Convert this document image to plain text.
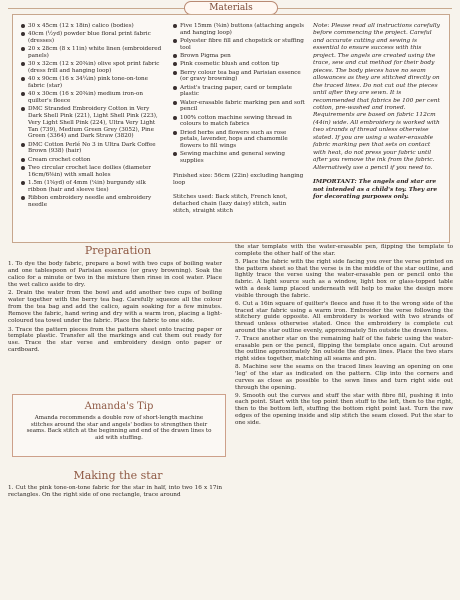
Materials
30 x 45cm (12 x 18in) calico (bodies)
40cm (½yd) powder blue floral print fabric (dresses)
20 x 28cm (8 x 11in) white linen (embroidered panels)
30 x 32cm (12 x 20⅜in) olive spot print fabric (dress frill and hanging loop)
40 x 90cm (16 x 34¼in) pink tone-on-tone fabric (star)
40 x 30cm (16 x 20⅜in) medium iron-on quilter's fleece
DMC Stranded Embroidery Cotton in Very Dark Shell Pink (221), Light Shell Pink (223), Very Light Shell Pink (224), Ultra Very Light Tan (739), Medium Green Grey (3052), Pine Green (3364) and Dark Straw (3820)
DMC Cotton Perlé No 3 in Ultra Dark Coffee Brown (938) (hair)
Cream crochet cotton
Two circular crochet lace doilies (diameter 16cm/6⅜in) with small holes
1.5m (1⅝yd) of 4mm (⅙in) burgundy silk ribbon (hair and sleeve ties)
Ribbon embroidery needle and embroidery needle
Five 15mm (⅝in) buttons (attaching angels and hanging loop)
Polyester fibre fill and chopstick or stuffing tool
Brown Pigma pen
Pink cosmetic blush and cotton tip
Berry colour tea bag and Parisian essence (or gravy browning)
Artist's tracing paper, card or template plastic
Water-erasable fabric marking pen and soft pencil
100% cotton machine sewing thread in colours to match fabrics
Dried herbs and flowers such as rose petals, lavender, hops and chamomile flowers to fill wings
Sewing machine and general sewing supplies
Finished size: 56cm (22in) excluding hanging loop
Stitches used: Back stitch, French knot, detached chain (lazy daisy) stitch, satin stitch, straight stitch
Note: Please read all instructions carefully before commencing the project. Careful and accurate cutting and sewing is essential to ensure success with this project. The angels are created using the trace, sew and cut method for their body pieces. The body pieces have no seam allowances as they are stitched directly on the traced lines. Do not cut out the pieces until after they are sewn. It is recommended that fabrics be 100 per cent cotton, pre-washed and ironed. Requirements are based on fabric 112cm (44in) wide. All embroidery is worked with two strands of thread unless otherwise stated. If you are using a water-erasable fabric marking pen that sets on contact with heat, do not press your fabric until after you remove the ink from the fabric. Alternatively use a pencil if you need to.
IMPORTANT: The angels and star are not intended as a child's toy. They are for decorating purposes only.
Preparation

1. To dye the body fabric, prepare a bowl with two cups of boiling water and one tablespoon of Parisian essence (or gravy browning). Soak the calico for a minute or two in the mixture then rinse in cool water. Place the wet calico aside to dry.

2. Drain the water from the bowl and add another two cups of boiling water together with the berry tea bag. Carefully squeeze all the colour from the tea bag and add the calico, again soaking for a few minutes. Remove the fabric, hand wring and dry with a warm iron, placing a light-coloured tea towel under the fabric. Place the fabric to one side.

3. Trace the pattern pieces from the pattern sheet onto tracing paper or template plastic. Transfer all the markings and cut them out ready for use. Trace the star verse and embroidery design onto paper or cardboard.

Amanda's Tip
Amanda recommends a double row of short-length machine stitches around the star and angels' bodies to strengthen their seams. Back stitch at the beginning and end of the drawn lines to aid with stuffing.
Making the star

1. Cut the pink tone-on-tone fabric for the star in half, into two 16 x 17in rectangles. On the right side of one rectangle, trace around

the star template with the water-erasable pen, flipping the template to complete the other half of the star.

5. Place the fabric with the right side facing you over the verse printed on the pattern sheet so that the verse is in the middle of the star outline, and lightly trace the verse using the water-erasable pen or pencil onto the fabric. A light source such as a window, light box or glass-topped table with a desk lamp placed underneath will help to make the design more visible through the fabric.

6. Cut a 16in square of quilter's fleece and fuse it to the wrong side of the traced star fabric using a warm iron. Embroider the verse following the stitchery guide opposite. All embroidery is worked with two strands of thread unless otherwise stated. Once the embroidery is complete cut around the star outline evenly, approximately 5in outside the drawn lines.

7. Trace another star on the remaining half of the fabric using the water-erasable pen or the pencil, flipping the template once again. Cut around the outline approximately 5in outside the drawn lines. Place the two stars right sides together, matching all seams and pin.

8. Machine sew the seams on the traced lines leaving an opening on one 'leg' of the star as indicated on the pattern. Clip into the corners and curves as close as possible to the sewn lines and turn right side out through the opening.

9. Smooth out the curves and stuff the star with fibre fill, pushing it into each point. Start with the top point then stuff to the left, then to the right, then to the bottom left, stuffing the bottom right point last. Turn the raw edges of the opening inside and slip stitch the seam closed. Put the star to one side.
